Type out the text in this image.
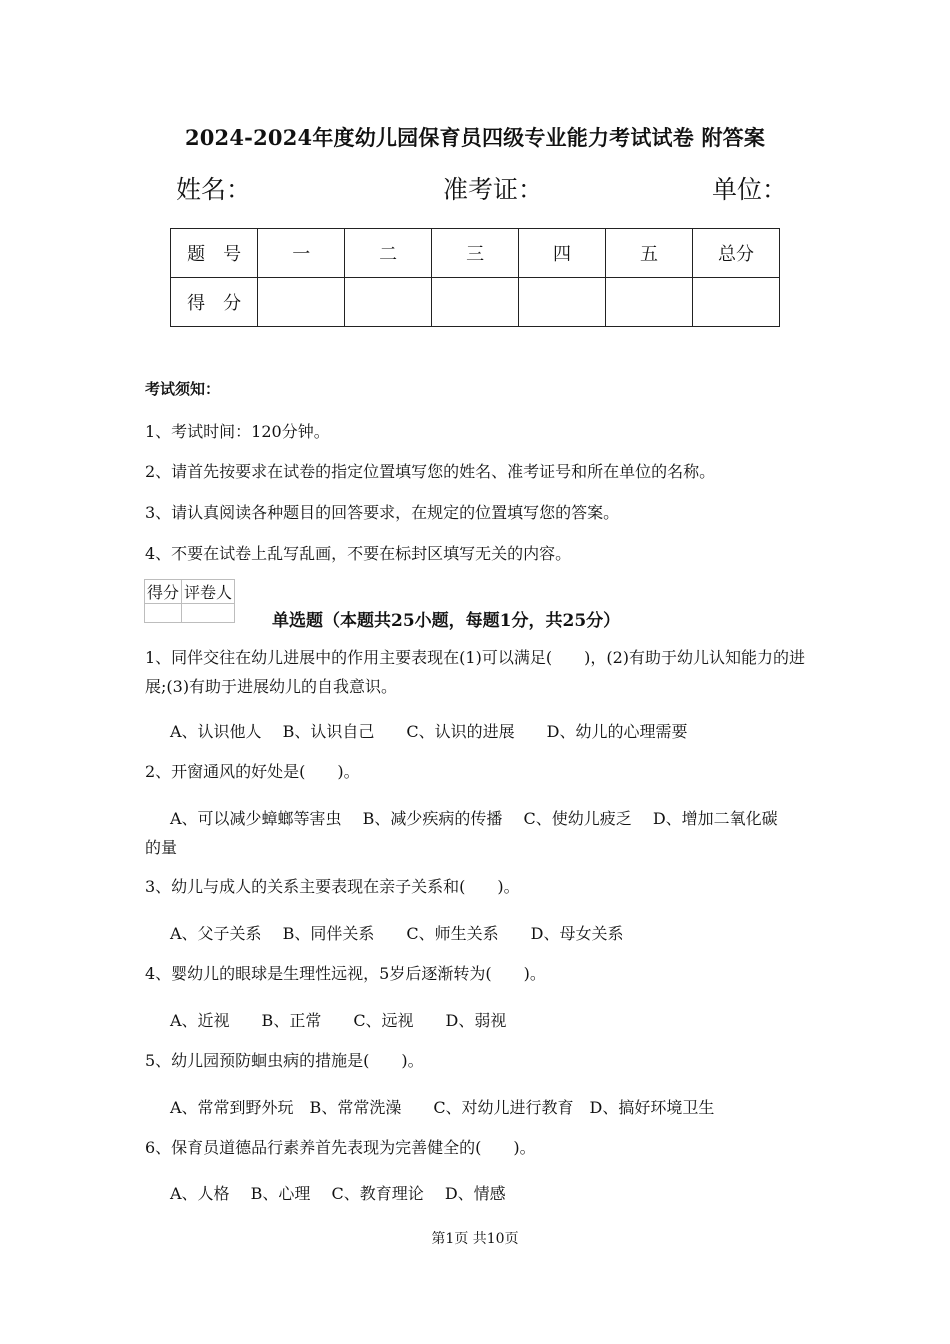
2024-2024年度幼儿园保育员四级专业能力考试试卷 附答案
姓名：	准考证：	单位：
题　号	一	二	三	四	五	总分
得　分						
考试须知：
1、考试时间：120分钟。
2、请首先按要求在试卷的指定位置填写您的姓名、准考证号和所在单位的名称。
3、请认真阅读各种题目的回答要求，在规定的位置填写您的答案。
4、不要在试卷上乱写乱画，不要在标封区填写无关的内容。
得分	评卷人

单选题（本题共25小题，每题1分，共25分）
1、同伴交往在幼儿进展中的作用主要表现在(1)可以满足(　　)，(2)有助于幼儿认知能力的进展;(3)有助于进展幼儿的自我意识。
A、认识他人　 B、认识自己　　C、认识的进展　　D、幼儿的心理需要
2、开窗通风的好处是(　　)。
A、可以减少蟑螂等害虫　 B、减少疾病的传播　 C、使幼儿疲乏　 D、增加二氧化碳
的量
3、幼儿与成人的关系主要表现在亲子关系和(　　)。
A、父子关系　 B、同伴关系　　C、师生关系　　D、母女关系
4、婴幼儿的眼球是生理性远视，5岁后逐渐转为(　　)。
A、近视　　B、正常　　C、远视　　D、弱视
5、幼儿园预防蛔虫病的措施是(　　)。
A、常常到野外玩　B、常常洗澡　　C、对幼儿进行教育　D、搞好环境卫生
6、保育员道德品行素养首先表现为完善健全的(　　)。
A、人格　 B、心理　 C、教育理论　 D、情感
第1页 共10页
